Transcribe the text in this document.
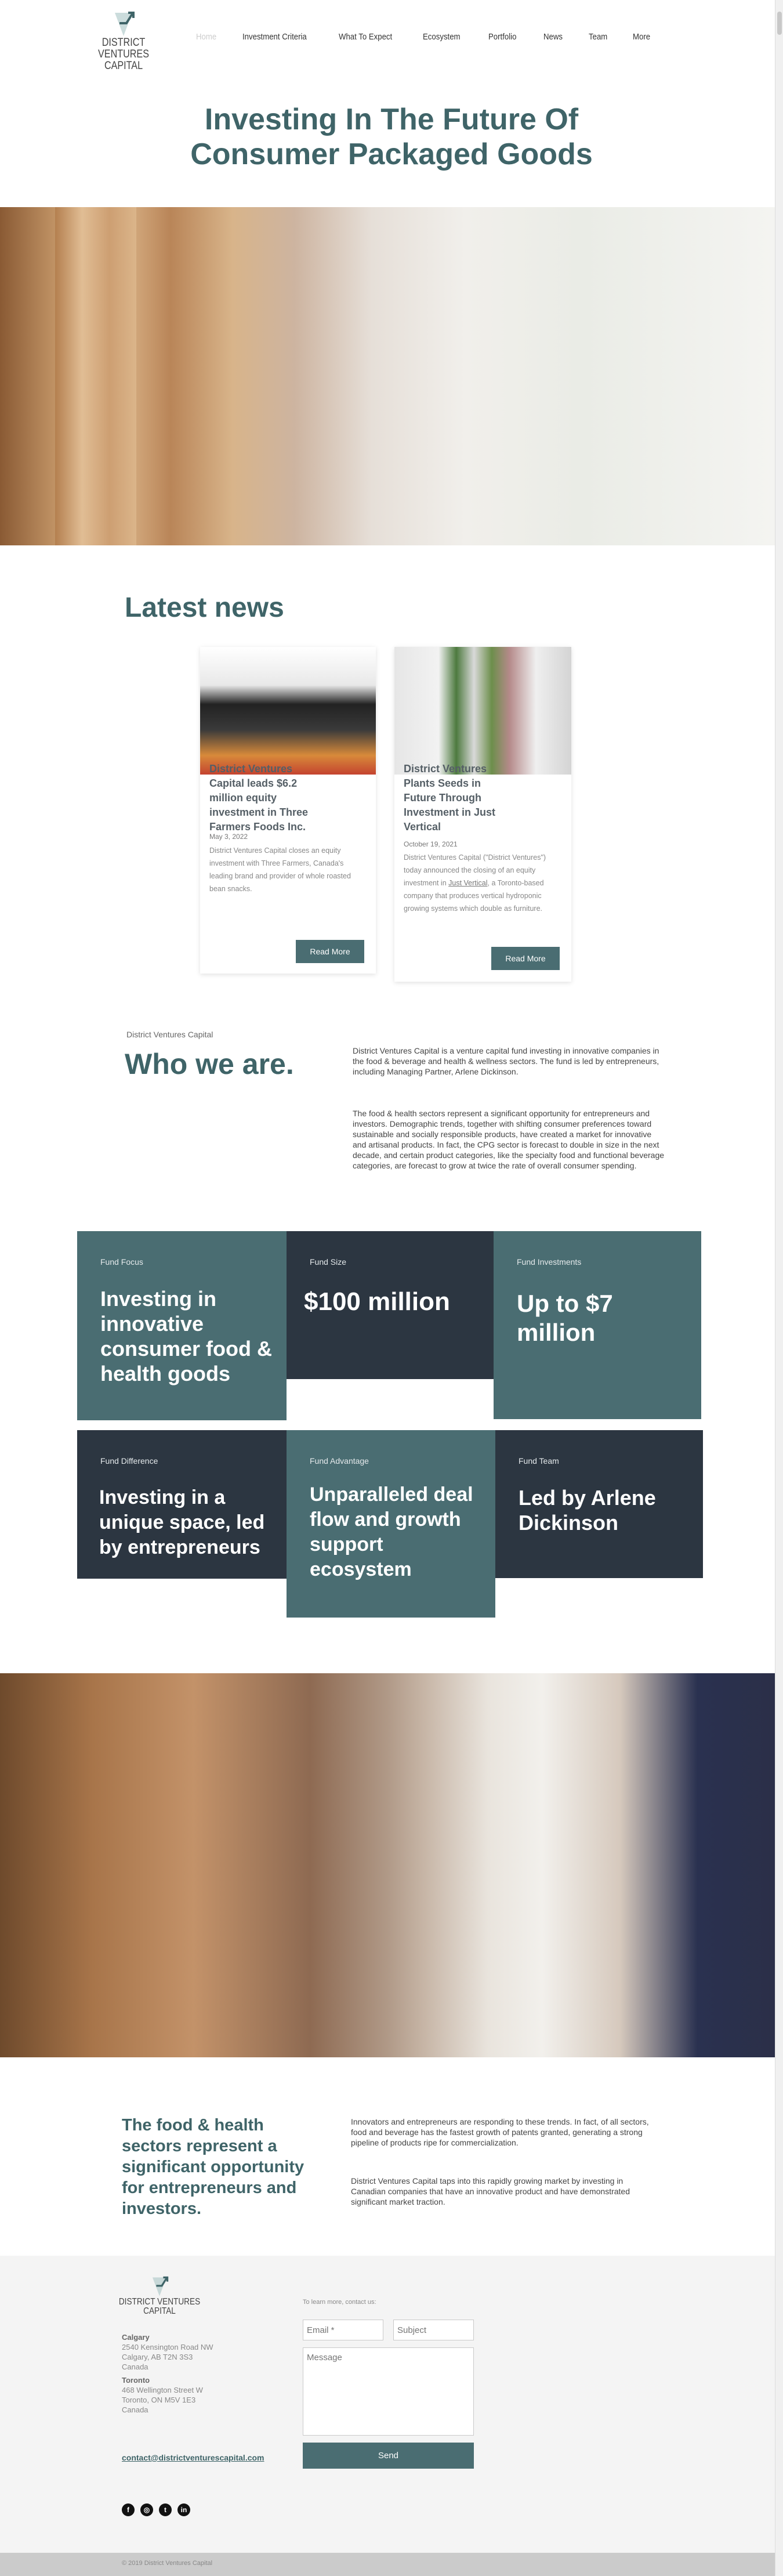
DISTRICT VENTURES
CAPITAL
Home	Investment Criteria	What To Expect	Ecosystem	Portfolio	News	Team	More
Investing In The Future Of
Consumer Packaged Goods
Latest news
District Ventures Capital leads $6.2 million equity investment in Three Farmers Foods Inc.
May 3, 2022
District Ventures Capital closes an equity investment with Three Farmers, Canada's leading brand and provider of whole roasted bean snacks.
Read More
District Ventures Plants Seeds in Future Through Investment in Just Vertical
October 19, 2021
District Ventures Capital ("District Ventures") today announced the closing of an equity investment in Just Vertical, a Toronto-based company that produces vertical hydroponic growing systems which double as furniture.
Read More
District Ventures Capital
Who we are.	District Ventures Capital is a venture capital fund investing in innovative companies in the food & beverage and health & wellness sectors. The fund is led by entrepreneurs, including Managing Partner, Arlene Dickinson.
The food & health sectors represent a significant opportunity for entrepreneurs and investors. Demographic trends, together with shifting consumer preferences toward sustainable and socially responsible products, have created a market for innovative and artisanal products. In fact, the CPG sector is forecast to double in size in the next decade, and certain product categories, like the specialty food and functional beverage categories, are forecast to grow at twice the rate of overall consumer spending.
Fund Focus
Investing in innovative consumer food & health goods
Fund Size
$100 million
Fund Investments
Up to $7 million
Fund Difference
Investing in a unique space, led by entrepreneurs
Fund Advantage
Unparalleled deal flow and growth support ecosystem
Fund Team
Led by Arlene Dickinson
The food & health sectors represent a significant opportunity for entrepreneurs and investors.
Innovators and entrepreneurs are responding to these trends. In fact, of all sectors, food and beverage has the fastest growth of patents granted, generating a strong pipeline of products ripe for commercialization.
District Ventures Capital taps into this rapidly growing market by investing in Canadian companies that have an innovative product and have demonstrated significant market traction.
DISTRICT VENTURES
CAPITAL
Calgary
2540 Kensington Road NW
Calgary, AB T2N 3S3
Canada
Toronto
468 Wellington Street W
Toronto, ON M5V 1E3
Canada
contact@districtventurescapital.com
f	◎	t	in
To learn more, contact us:
Email *
Subject
Message
Send
© 2019 District Ventures Capital
